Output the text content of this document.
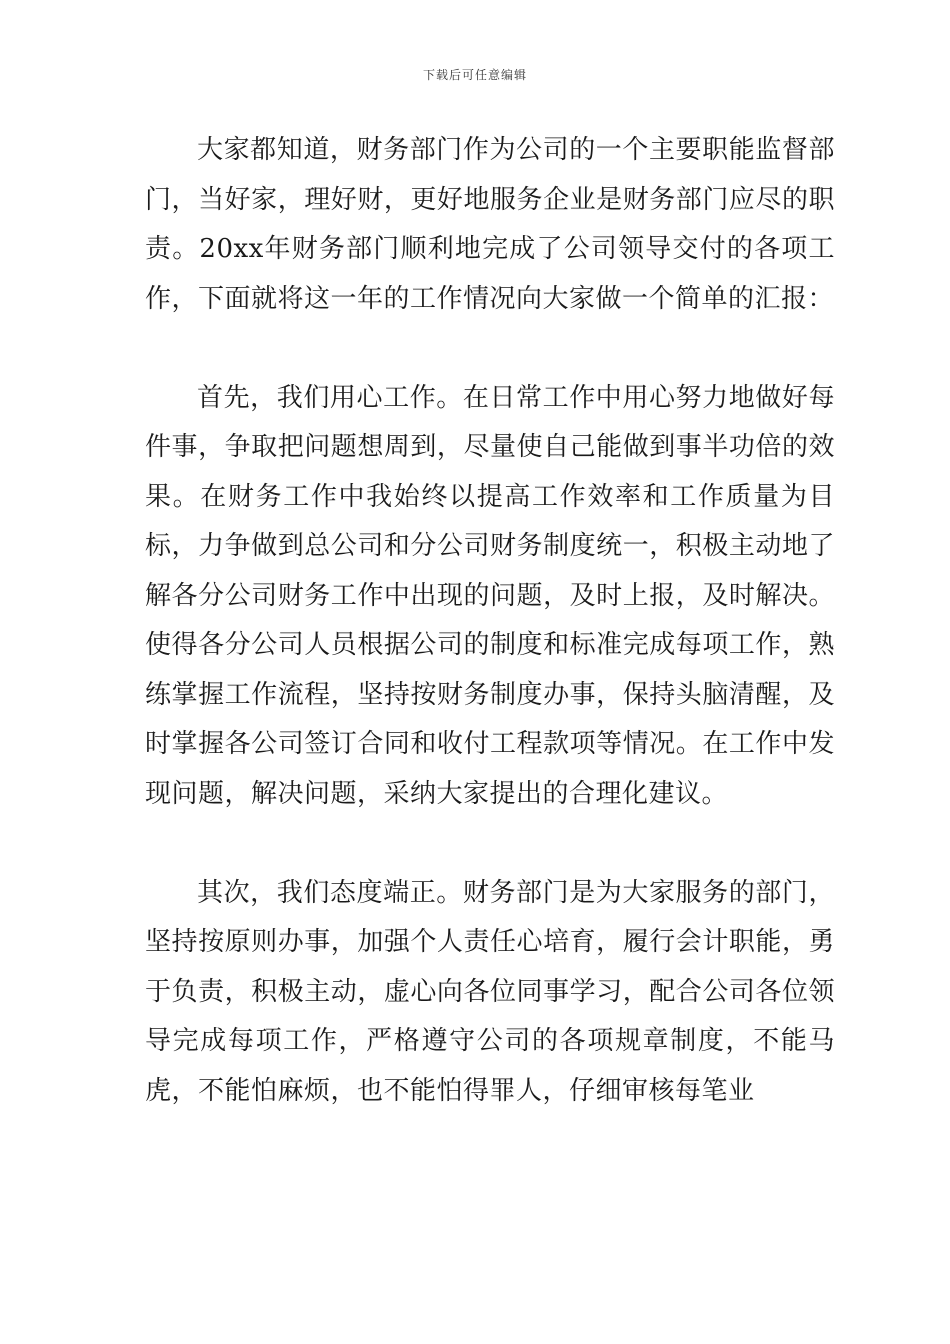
下载后可任意编辑

大家都知道，财务部门作为公司的一个主要职能监督部门，当好家，理好财，更好地服务企业是财务部门应尽的职责。20xx年财务部门顺利地完成了公司领导交付的各项工作，下面就将这一年的工作情况向大家做一个简单的汇报：

首先，我们用心工作。在日常工作中用心努力地做好每件事，争取把问题想周到，尽量使自己能做到事半功倍的效果。在财务工作中我始终以提高工作效率和工作质量为目标，力争做到总公司和分公司财务制度统一，积极主动地了解各分公司财务工作中出现的问题，及时上报，及时解决。使得各分公司人员根据公司的制度和标准完成每项工作，熟练掌握工作流程，坚持按财务制度办事，保持头脑清醒，及时掌握各公司签订合同和收付工程款项等情况。在工作中发现问题，解决问题，采纳大家提出的合理化建议。

其次，我们态度端正。财务部门是为大家服务的部门，坚持按原则办事，加强个人责任心培育，履行会计职能，勇于负责，积极主动，虚心向各位同事学习，配合公司各位领导完成每项工作，严格遵守公司的各项规章制度，不能马虎，不能怕麻烦，也不能怕得罪人，仔细审核每笔业
